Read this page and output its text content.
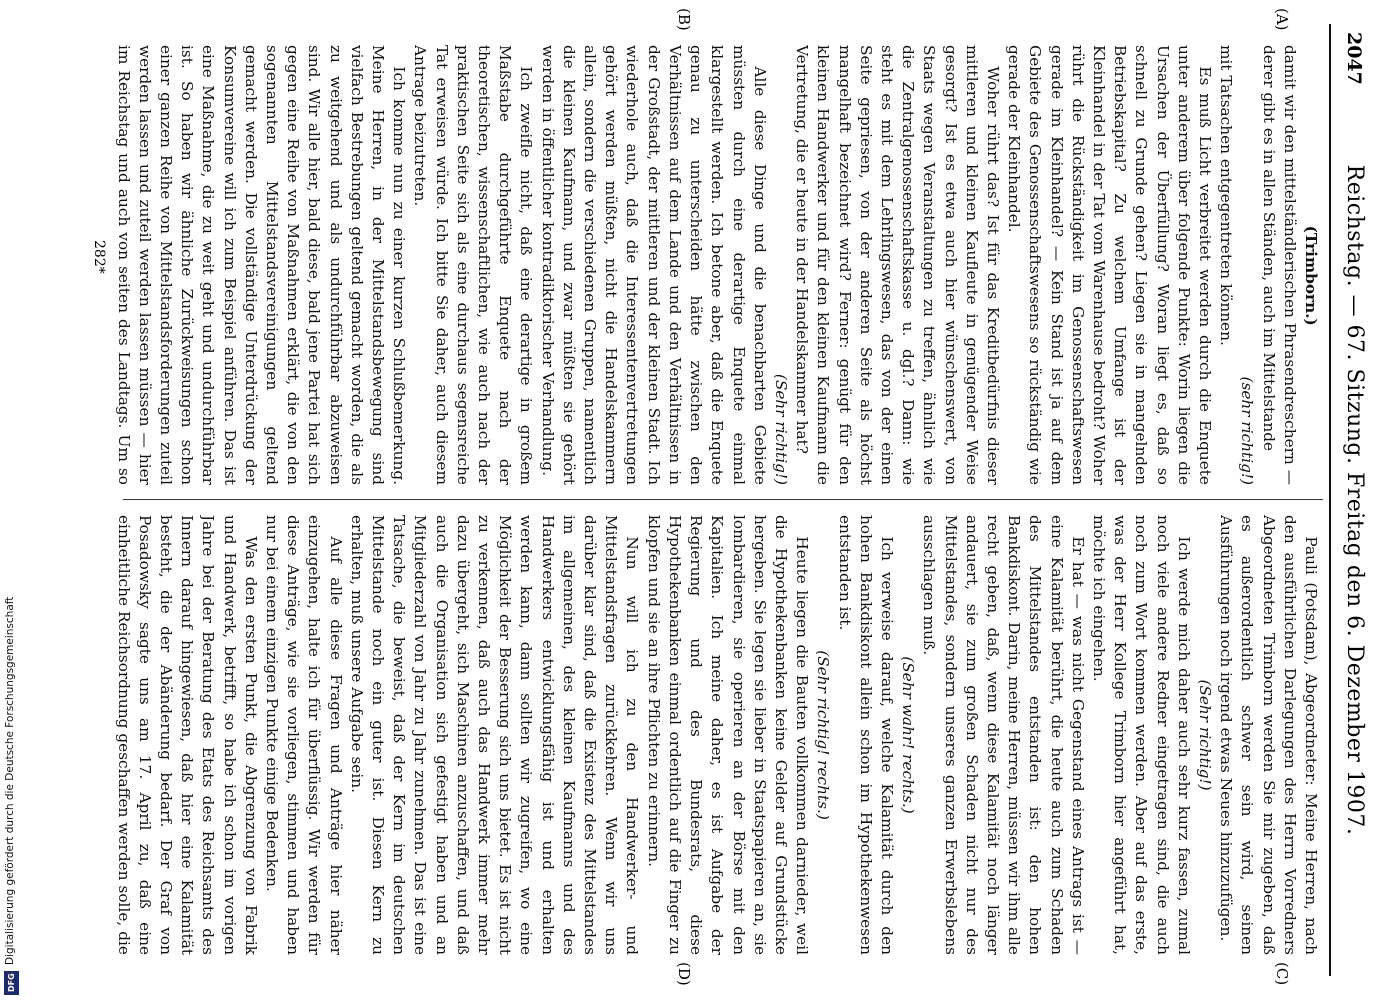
DFG
Digitalisierung gefördert durch die Deutsche Forschungsgemeinschaft
2047
Reichstag. — 67. Sitzung. Freitag den 6. Dezember 1907.
(A)
(B)
(C)
(D)

(Trimborn.)

damit wir den mittelständlerischen Phrasendreschern — derer gibt es in allen Ständen, auch im Mittelstande

(sehr richtig!)

mit Tatsachen entgegentreten können.

Es muß Licht verbreitet werden durch die Enquete unter anderem über folgende Punkte: Worin liegen die Ursachen der Überfüllung? Woran liegt es, daß so schnell zu Grunde gehen? Liegen sie in mangelnden Betriebskapital? Zu welchem Umfange ist der Kleinhandel in der Tat vom Warenhause bedroht? Woher rührt die Rückständigkeit im Genossenschaftswesen gerade im Kleinhandel? — Kein Stand ist ja auf dem Gebiete des Genossenschaftswesens so rückständig wie gerade der Kleinhandel.

Woher rührt das? Ist für das Kreditbedürfnis dieser mittleren und kleinen Kaufleute in genügender Weise gesorgt? Ist es etwa auch hier wünschenswert, von Staats wegen Veranstaltungen zu treffen, ähnlich wie die Zentralgenossenschaftskasse u. dgl.? Dann: wie steht es mit dem Lehrlingswesen, das von der einen Seite gepriesen, von der anderen Seite als höchst mangelhaft bezeichnet wird? Ferner: genügt für den kleinen Handwerker und für den kleinen Kaufmann die Vertretung, die er heute in der Handelskammer hat?

(Sehr richtig!)

Alle diese Dinge und die benachbarten Gebiete müssten durch eine derartige Enquete einmal klargestellt werden. Ich betone aber, daß die Enquete genau zu unterscheiden hätte zwischen den Verhältnissen auf dem Lande und den Verhältnissen in der Großstadt, der mittleren und der kleinen Stadt. Ich wiederhole auch, daß die Interessentenvertretungen gehört werden müßten, nicht die Handelskammern allein, sondern die verschiedenen Gruppen, namentlich die kleinen Kaufmann, und zwar müßten sie gehört werden in öffentlicher kontradiktorischer Verhandlung.

Ich zweifle nicht, daß eine derartige in großem Maßstabe durchgeführte Enquete nach der theoretischen, wissenschaftlichen, wie auch nach der praktischen Seite sich als eine durchaus segensreiche Tat erweisen würde. Ich bitte Sie daher, auch diesem Antrage beizutreten.

Ich komme nun zu einer kurzen Schlußbemerkung. Meine Herren, in der Mittelstandsbewegung sind vielfach Bestrebungen geltend gemacht worden, die als zu weitgehend und als undurchführbar abzuweisen sind. Wir alle hier, bald diese, bald jene Partei hat sich gegen eine Reihe von Maßnahmen erklärt, die von den sogenannten Mittelstandsvereinigungen geltend gemacht werden. Die vollständige Unterdrückung der Konsumvereine will ich zum Beispiel anführen. Das ist eine Maßnahme, die zu weit geht und undurchführbar ist. So haben wir ähnliche Zurückweisungen schon einer ganzen Reihe von Mittelstandsforderungen zuteil werden lassen und zuteil werden lassen müssen — hier im Reichstag und auch von seiten des Landtags. Um so

Pauli (Potsdam), Abgeordneter: Meine Herren, nach den ausführlichen Darlegungen des Herrn Vorredners Abgeordneten Trimborn werden Sie mir zugeben, daß es außerordentlich schwer sein wird, seinen Ausführungen noch irgend etwas Neues hinzuzufügen.

(Sehr richtig!)

Ich werde mich daher auch sehr kurz fassen, zumal noch viele andere Redner eingetragen sind, die auch noch zum Wort kommen werden. Aber auf das erste, was der Herr Kollege Trimborn hier angeführt hat, möchte ich eingehen.

Er hat — was nicht Gegenstand eines Antrags ist — eine Kalamität berührt, die heute auch zum Schaden des Mittelstandes entstanden ist: den hohen Bankdiskont. Darin, meine Herren, müssen wir ihm alle recht geben, daß, wenn diese Kalamität noch länger andauert, sie zum großen Schaden nicht nur des Mittelstandes, sondern unseres ganzen Erwerbslebens ausschlagen muß.

(Sehr wahr! rechts.)

Ich verweise darauf, welche Kalamität durch den hohen Bankdiskont allein schon im Hypothekenwesen entstanden ist.

(Sehr richtig! rechts.)

Heute liegen die Bauten vollkommen darnieder, weil die Hypothekenbanken keine Gelder auf Grundstücke hergeben. Sie legen sie lieber in Staatspapieren an, sie lombardieren, sie operieren an der Börse mit den Kapitalien. Ich meine daher, es ist Aufgabe der Regierung und des Bundesrats, diese Hypothekenbanken einmal ordentlich auf die Finger zu klopfen und sie an ihre Pflichten zu erinnern.

Nun will ich zu den Handwerker- und Mittelstandsfragen zurückkehren. Wenn wir uns darüber klar sind, daß die Existenz des Mittelstandes im allgemeinen, des kleinen Kaufmanns und des Handwerkers entwicklungsfähig ist und erhalten werden kann, dann sollten wir zugreifen, wo eine Möglichkeit der Besserung sich uns bietet. Es ist nicht zu verkennen, daß auch das Handwerk immer mehr dazu übergeht, sich Maschinen anzuschaffen, und daß auch die Organisation sich gefestigt haben und an Mitgliederzahl von Jahr zu Jahr zunehmen. Das ist eine Tatsache, die beweist, daß der Kern im deutschen Mittelstande noch ein guter ist. Diesen Kern zu erhalten, muß unsere Aufgabe sein.

Auf alle diese Fragen und Anträge hier näher einzugehen, halte ich für überflüssig. Wir werden für diese Anträge, wie sie vorliegen, stimmen und haben nur bei einem einzigen Punkte einige Bedenken.

Was den ersten Punkt, die Abgrenzung von Fabrik und Handwerk, betrifft, so habe ich schon im vorigen Jahre bei der Beratung des Etats des Reichsamts des Innern darauf hingewiesen, daß hier eine Kalamität besteht, die der Abänderung bedarf. Der Graf von Posadowsky sagte uns am 17. April zu, daß eine einheitliche Reichsordnung geschaffen werden solle, die

282*
